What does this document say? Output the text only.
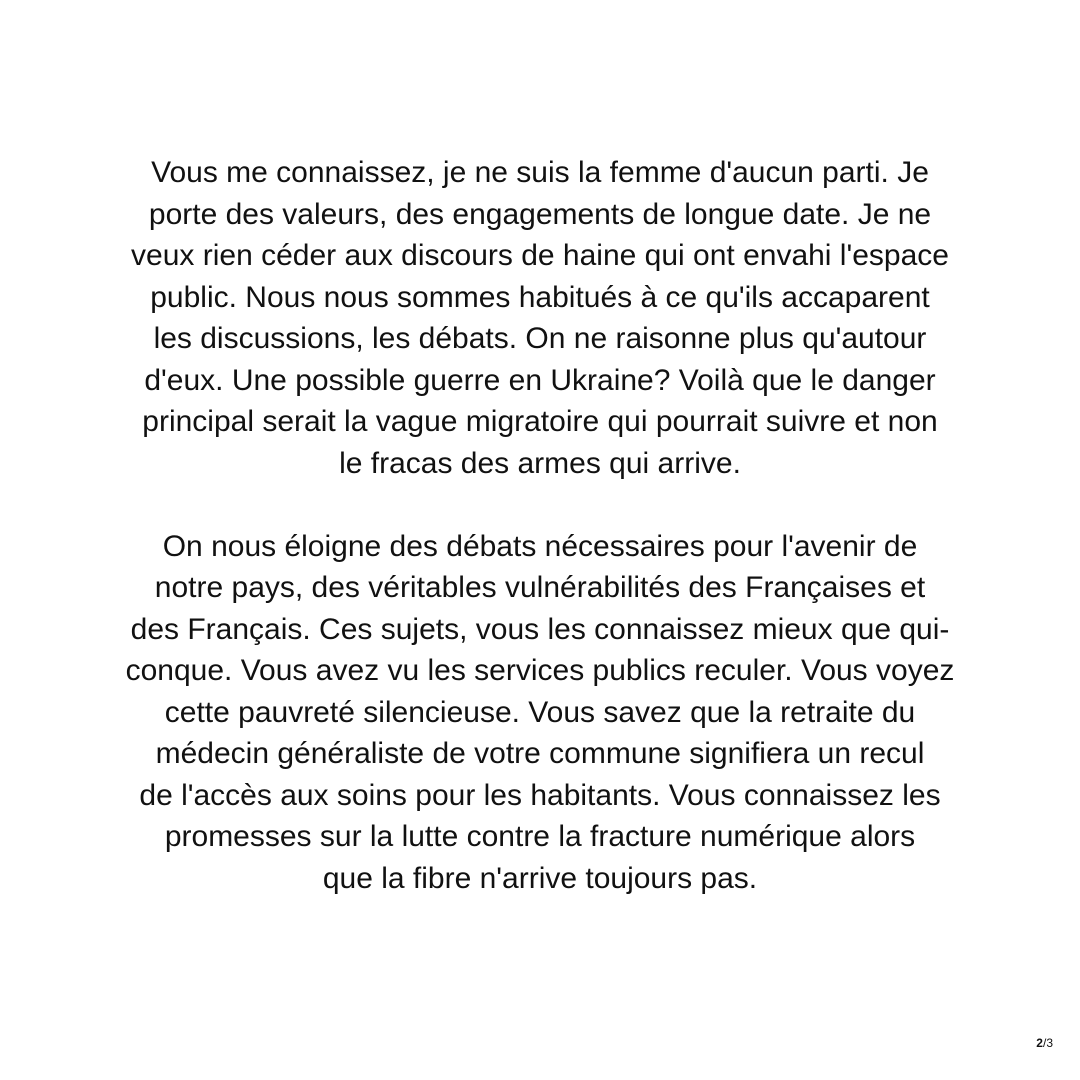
Vous me connaissez, je ne suis la femme d'aucun parti. Je
porte des valeurs, des engagements de longue date. Je ne
veux rien céder aux discours de haine qui ont envahi l'espace
public. Nous nous sommes habitués à ce qu'ils accaparent
les discussions, les débats. On ne raisonne plus qu'autour
d'eux. Une possible guerre en Ukraine? Voilà que le danger
principal serait la vague migratoire qui pourrait suivre et non
le fracas des armes qui arrive.
On nous éloigne des débats nécessaires pour l'avenir de
notre pays, des véritables vulnérabilités des Françaises et
des Français. Ces sujets, vous les connaissez mieux que qui-
conque. Vous avez vu les services publics reculer. Vous voyez
cette pauvreté silencieuse. Vous savez que la retraite du
médecin généraliste de votre commune signifiera un recul
de l'accès aux soins pour les habitants. Vous connaissez les
promesses sur la lutte contre la fracture numérique alors
que la fibre n'arrive toujours pas.
2/3
